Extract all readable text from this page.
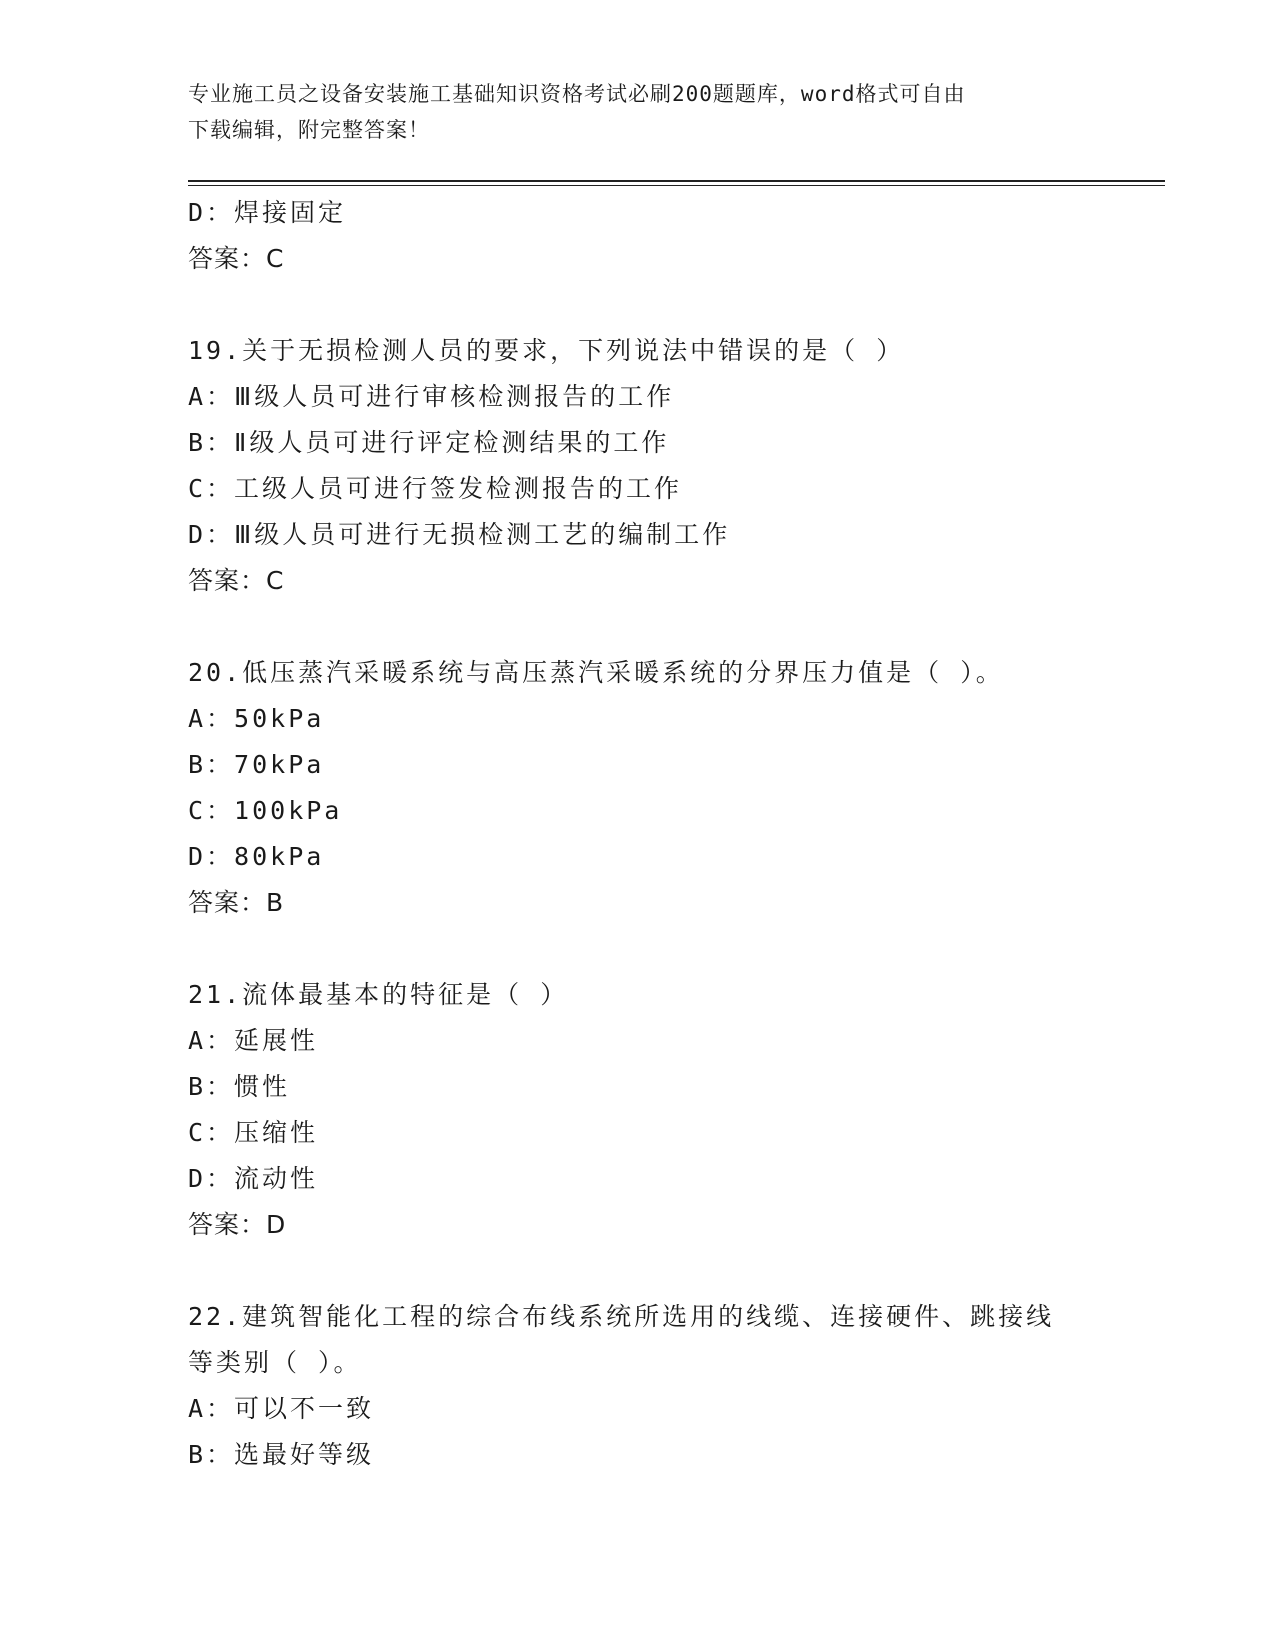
专业施工员之设备安装施工基础知识资格考试必刷200题题库，word格式可自由
下载编辑，附完整答案！
D：焊接固定
答案：C
19.关于无损检测人员的要求，下列说法中错误的是（ ）
A：Ⅲ级人员可进行审核检测报告的工作
B：Ⅱ级人员可进行评定检测结果的工作
C：工级人员可进行签发检测报告的工作
D：Ⅲ级人员可进行无损检测工艺的编制工作
答案：C
20.低压蒸汽采暖系统与高压蒸汽采暖系统的分界压力值是（ ）。
A：50kPa
B：70kPa
C：100kPa
D：80kPa
答案：B
21.流体最基本的特征是（ ）
A：延展性
B：惯性
C：压缩性
D：流动性
答案：D
22.建筑智能化工程的综合布线系统所选用的线缆、连接硬件、跳接线
等类别（ ）。
A：可以不一致
B：选最好等级
